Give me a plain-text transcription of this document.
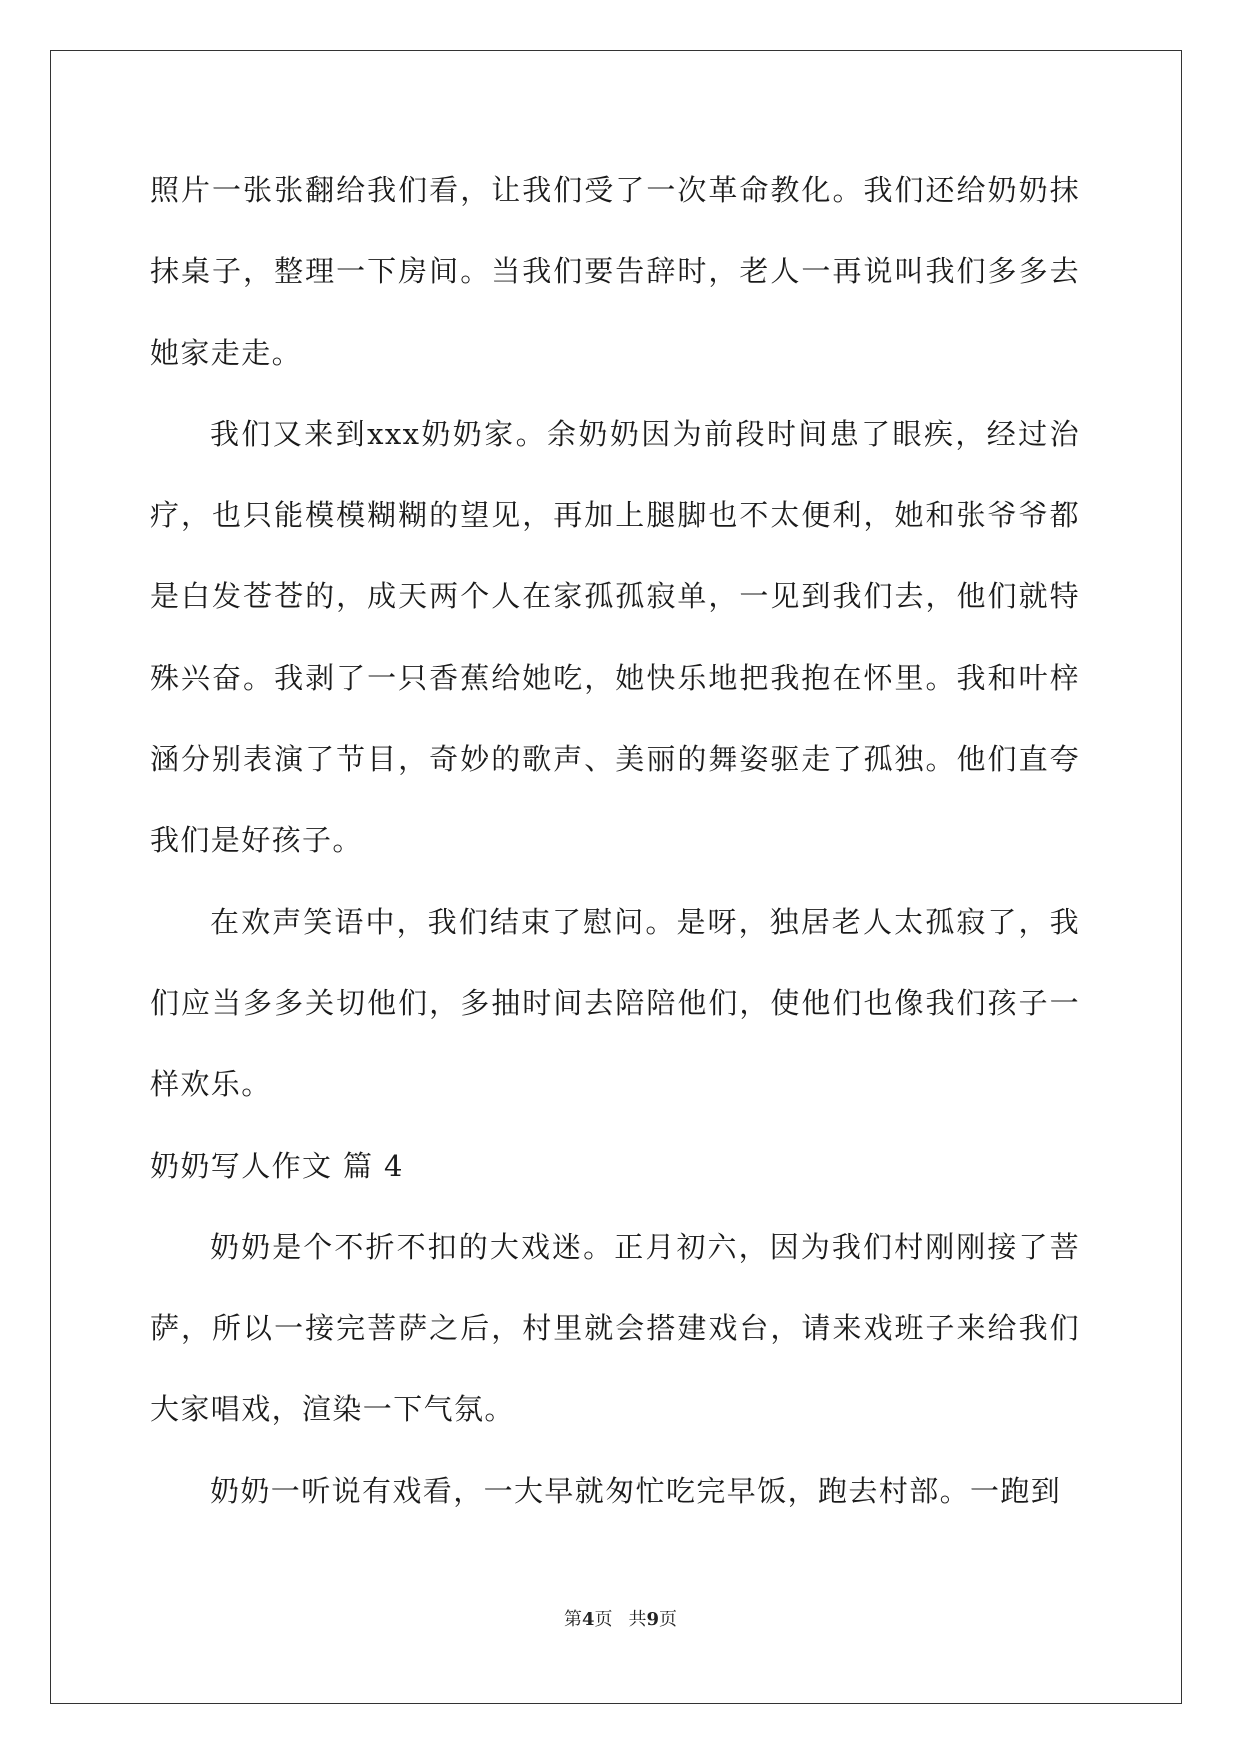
照片一张张翻给我们看，让我们受了一次革命教化。我们还给奶奶抹抹桌子，整理一下房间。当我们要告辞时，老人一再说叫我们多多去她家走走。

我们又来到xxx奶奶家。余奶奶因为前段时间患了眼疾，经过治疗，也只能模模糊糊的望见，再加上腿脚也不太便利，她和张爷爷都是白发苍苍的，成天两个人在家孤孤寂单，一见到我们去，他们就特殊兴奋。我剥了一只香蕉给她吃，她快乐地把我抱在怀里。我和叶梓涵分别表演了节目，奇妙的歌声、美丽的舞姿驱走了孤独。他们直夸我们是好孩子。

在欢声笑语中，我们结束了慰问。是呀，独居老人太孤寂了，我们应当多多关切他们，多抽时间去陪陪他们，使他们也像我们孩子一样欢乐。

奶奶写人作文 篇 4

奶奶是个不折不扣的大戏迷。正月初六，因为我们村刚刚接了菩萨，所以一接完菩萨之后，村里就会搭建戏台，请来戏班子来给我们大家唱戏，渲染一下气氛。

奶奶一听说有戏看，一大早就匆忙吃完早饭，跑去村部。一跑到

第4页 共9页
